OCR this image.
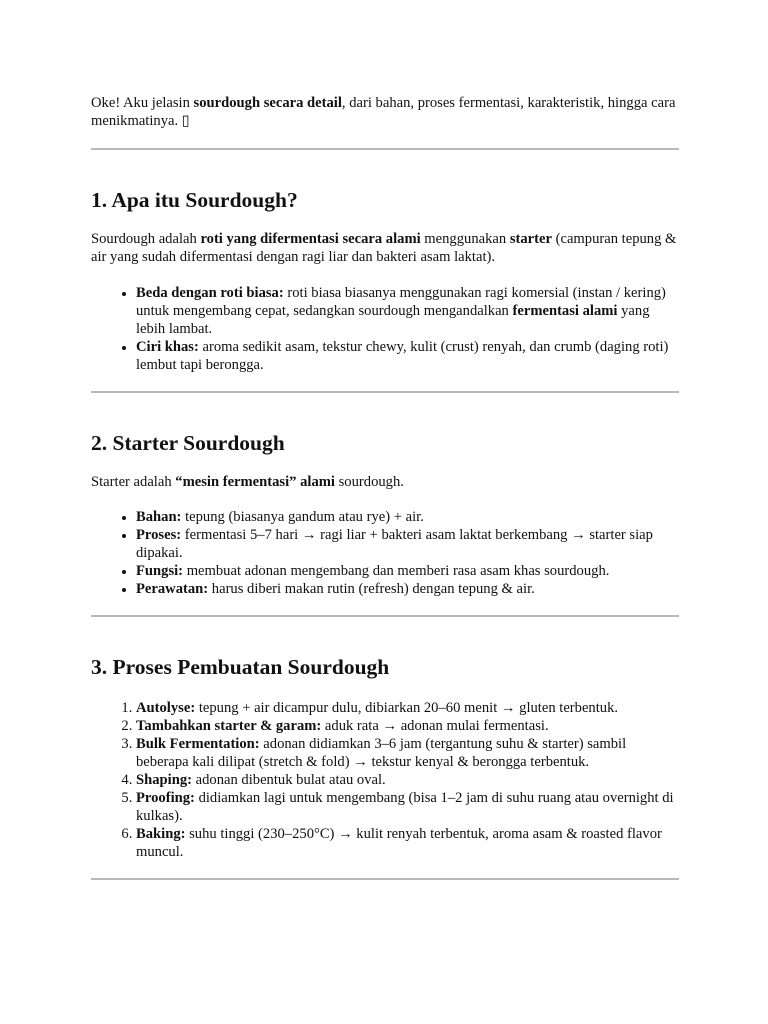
Oke! Aku jelasin sourdough secara detail, dari bahan, proses fermentasi, karakteristik, hingga cara menikmatinya. ▯

1. Apa itu Sourdough?

Sourdough adalah roti yang difermentasi secara alami menggunakan starter (campuran tepung & air yang sudah difermentasi dengan ragi liar dan bakteri asam laktat).

• Beda dengan roti biasa: roti biasa biasanya menggunakan ragi komersial (instan / kering) untuk mengembang cepat, sedangkan sourdough mengandalkan fermentasi alami yang lebih lambat.
• Ciri khas: aroma sedikit asam, tekstur chewy, kulit (crust) renyah, dan crumb (daging roti) lembut tapi berongga.
2. Starter Sourdough

Starter adalah “mesin fermentasi” alami sourdough.

• Bahan: tepung (biasanya gandum atau rye) + air.
• Proses: fermentasi 5–7 hari → ragi liar + bakteri asam laktat berkembang → starter siap dipakai.
• Fungsi: membuat adonan mengembang dan memberi rasa asam khas sourdough.
• Perawatan: harus diberi makan rutin (refresh) dengan tepung & air.
3. Proses Pembuatan Sourdough
1. Autolyse: tepung + air dicampur dulu, dibiarkan 20–60 menit → gluten terbentuk.
2. Tambahkan starter & garam: aduk rata → adonan mulai fermentasi.
3. Bulk Fermentation: adonan didiamkan 3–6 jam (tergantung suhu & starter) sambil beberapa kali dilipat (stretch & fold) → tekstur kenyal & berongga terbentuk.
4. Shaping: adonan dibentuk bulat atau oval.
5. Proofing: didiamkan lagi untuk mengembang (bisa 1–2 jam di suhu ruang atau overnight di kulkas).
6. Baking: suhu tinggi (230–250°C) → kulit renyah terbentuk, aroma asam & roasted flavor muncul.
